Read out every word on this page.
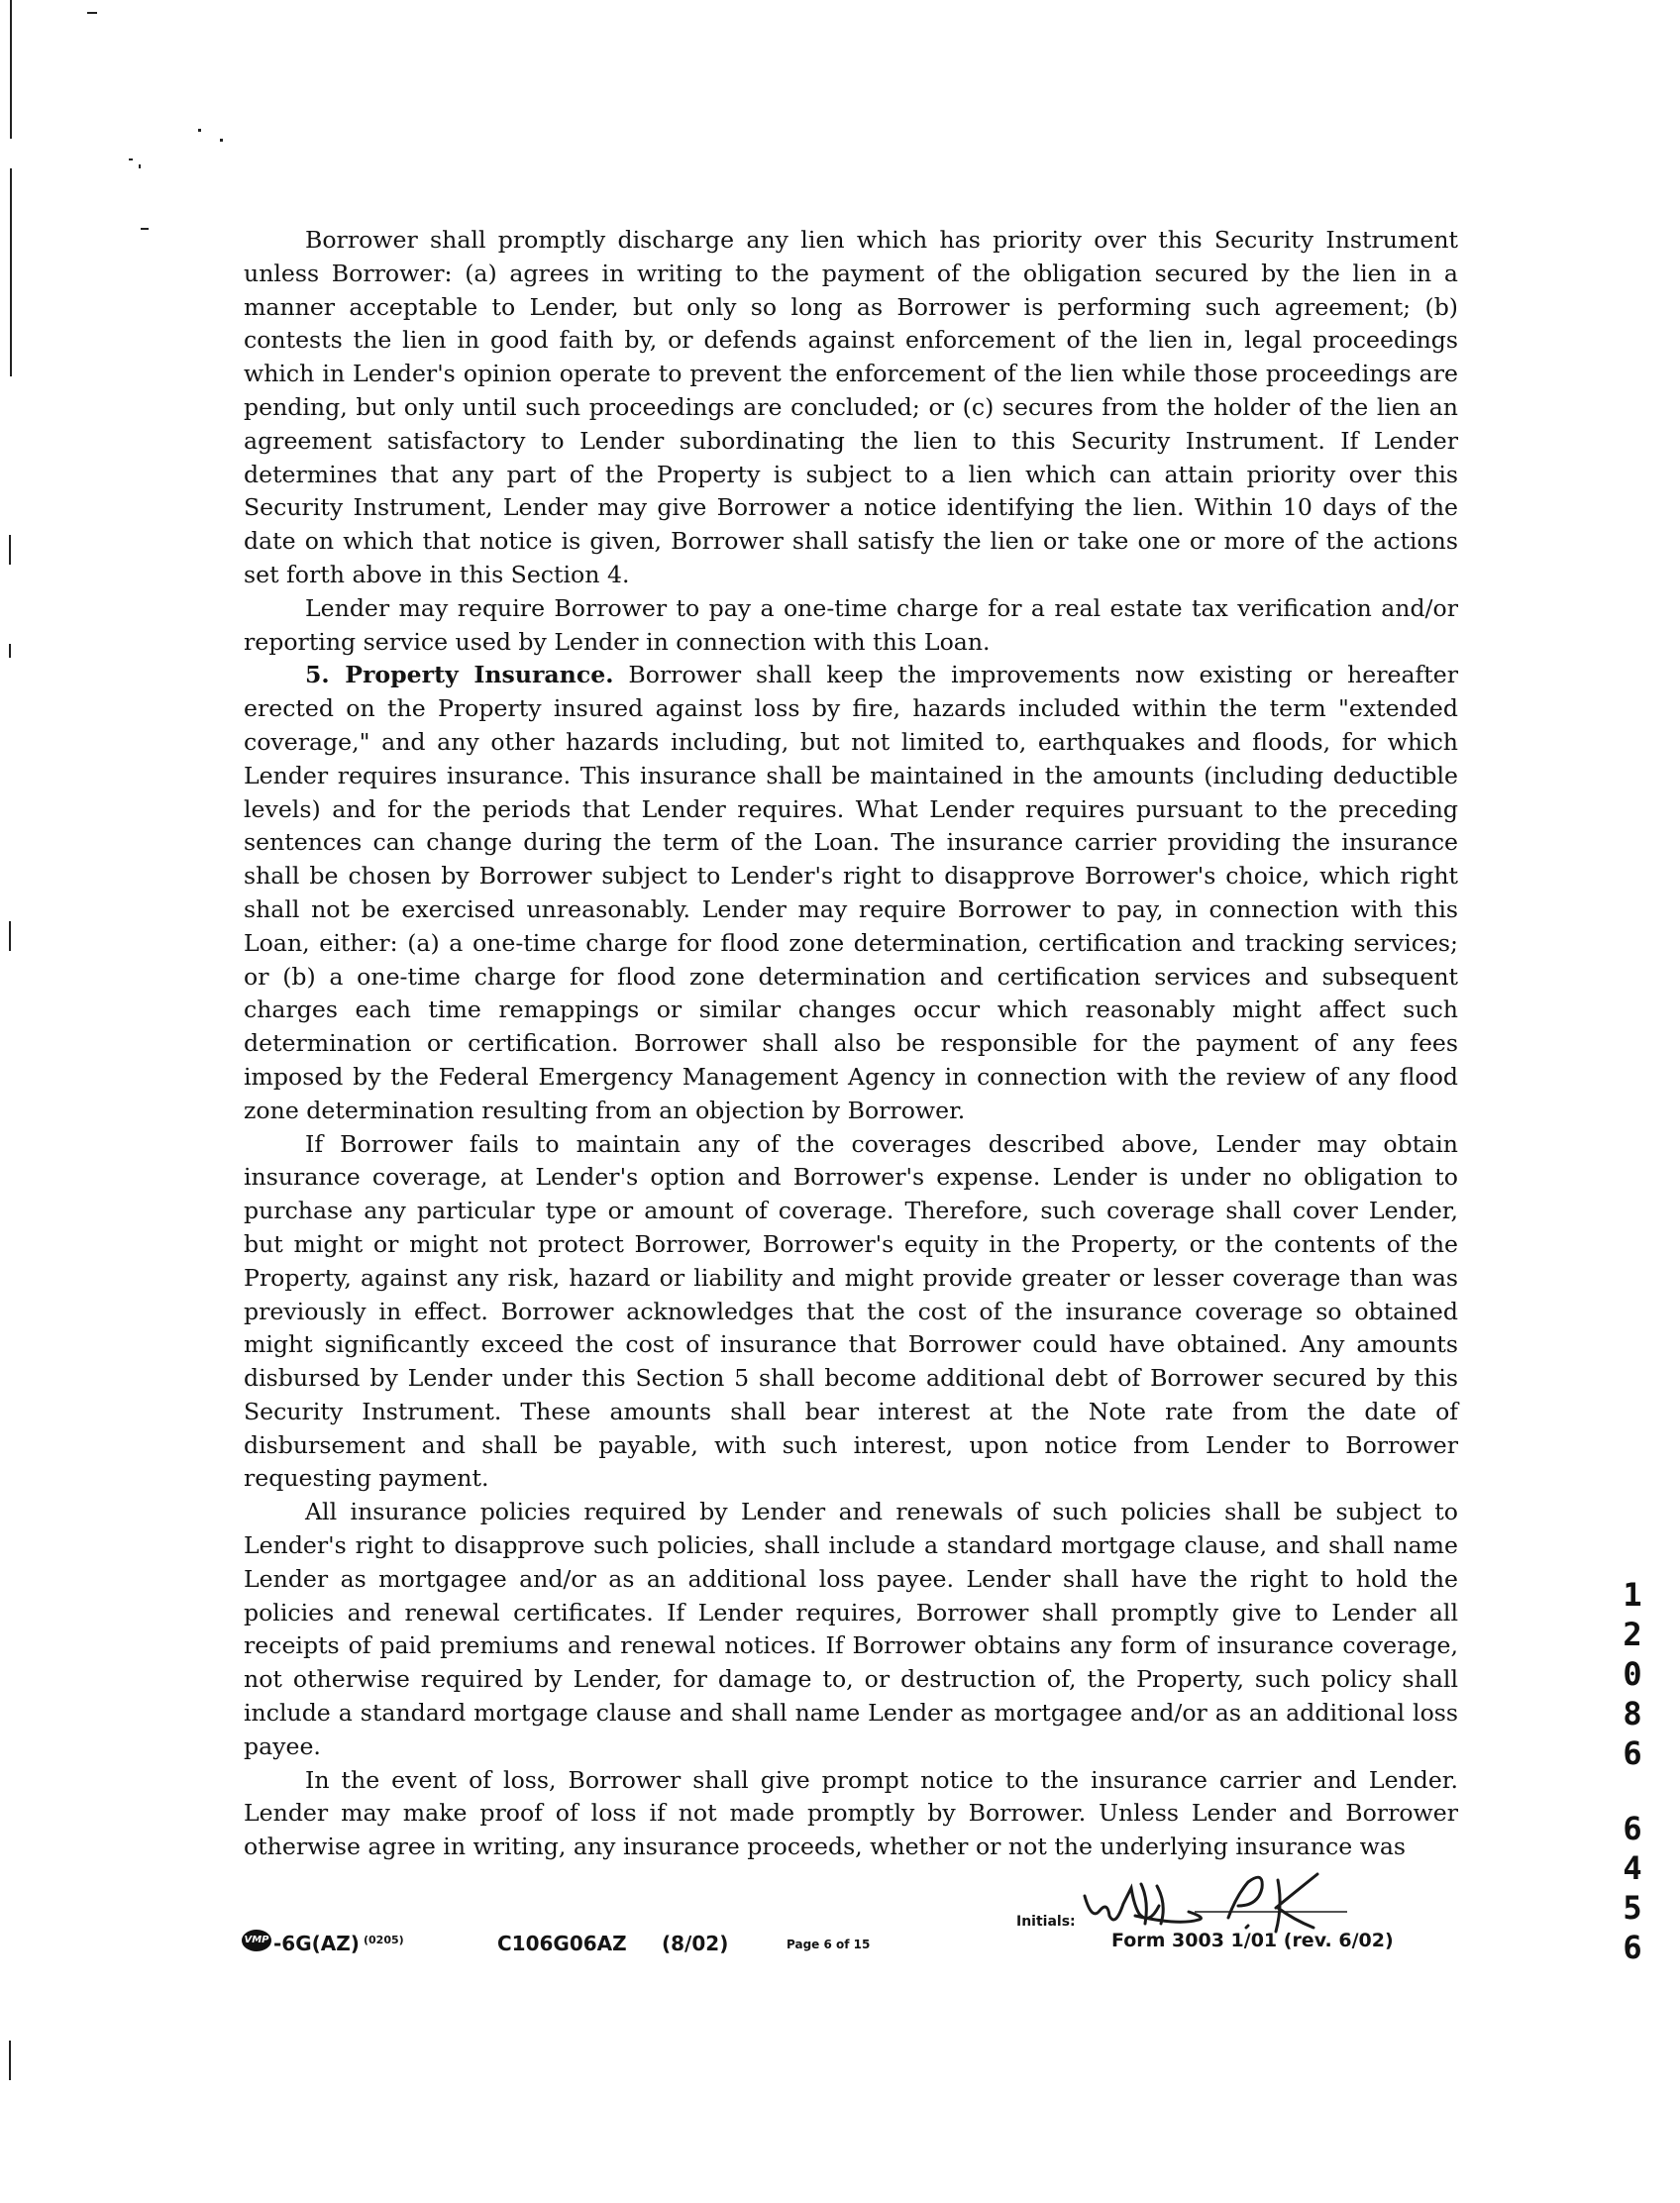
Borrower shall promptly discharge any lien which has priority over this Security Instrument unless Borrower: (a) agrees in writing to the payment of the obligation secured by the lien in a manner acceptable to Lender, but only so long as Borrower is performing such agreement; (b) contests the lien in good faith by, or defends against enforcement of the lien in, legal proceedings which in Lender's opinion operate to prevent the enforcement of the lien while those proceedings are pending, but only until such proceedings are concluded; or (c) secures from the holder of the lien an agreement satisfactory to Lender subordinating the lien to this Security Instrument. If Lender determines that any part of the Property is subject to a lien which can attain priority over this Security Instrument, Lender may give Borrower a notice identifying the lien. Within 10 days of the date on which that notice is given, Borrower shall satisfy the lien or take one or more of the actions set forth above in this Section 4.

Lender may require Borrower to pay a one-time charge for a real estate tax verification and/or reporting service used by Lender in connection with this Loan.

5. Property Insurance. Borrower shall keep the improvements now existing or hereafter erected on the Property insured against loss by fire, hazards included within the term "extended coverage," and any other hazards including, but not limited to, earthquakes and floods, for which Lender requires insurance. This insurance shall be maintained in the amounts (including deductible levels) and for the periods that Lender requires. What Lender requires pursuant to the preceding sentences can change during the term of the Loan. The insurance carrier providing the insurance shall be chosen by Borrower subject to Lender's right to disapprove Borrower's choice, which right shall not be exercised unreasonably. Lender may require Borrower to pay, in connection with this Loan, either: (a) a one-time charge for flood zone determination, certification and tracking services; or (b) a one-time charge for flood zone determination and certification services and subsequent charges each time remappings or similar changes occur which reasonably might affect such determination or certification. Borrower shall also be responsible for the payment of any fees imposed by the Federal Emergency Management Agency in connection with the review of any flood zone determination resulting from an objection by Borrower.

If Borrower fails to maintain any of the coverages described above, Lender may obtain insurance coverage, at Lender's option and Borrower's expense. Lender is under no obligation to purchase any particular type or amount of coverage. Therefore, such coverage shall cover Lender, but might or might not protect Borrower, Borrower's equity in the Property, or the contents of the Property, against any risk, hazard or liability and might provide greater or lesser coverage than was previously in effect. Borrower acknowledges that the cost of the insurance coverage so obtained might significantly exceed the cost of insurance that Borrower could have obtained. Any amounts disbursed by Lender under this Section 5 shall become additional debt of Borrower secured by this Security Instrument. These amounts shall bear interest at the Note rate from the date of disbursement and shall be payable, with such interest, upon notice from Lender to Borrower requesting payment.

All insurance policies required by Lender and renewals of such policies shall be subject to Lender's right to disapprove such policies, shall include a standard mortgage clause, and shall name Lender as mortgagee and/or as an additional loss payee. Lender shall have the right to hold the policies and renewal certificates. If Lender requires, Borrower shall promptly give to Lender all receipts of paid premiums and renewal notices. If Borrower obtains any form of insurance coverage, not otherwise required by Lender, for damage to, or destruction of, the Property, such policy shall include a standard mortgage clause and shall name Lender as mortgagee and/or as an additional loss payee.

In the event of loss, Borrower shall give prompt notice to the insurance carrier and Lender. Lender may make proof of loss if not made promptly by Borrower. Unless Lender and Borrower otherwise agree in writing, any insurance proceeds, whether or not the underlying insurance was

VMP -6G(AZ) (0205)	C106G06AZ (8/02)	Page 6 of 15
Initials:
Form 3003 1/01 (rev. 6/02)
1
2
0
8
6
6
4
5
6
